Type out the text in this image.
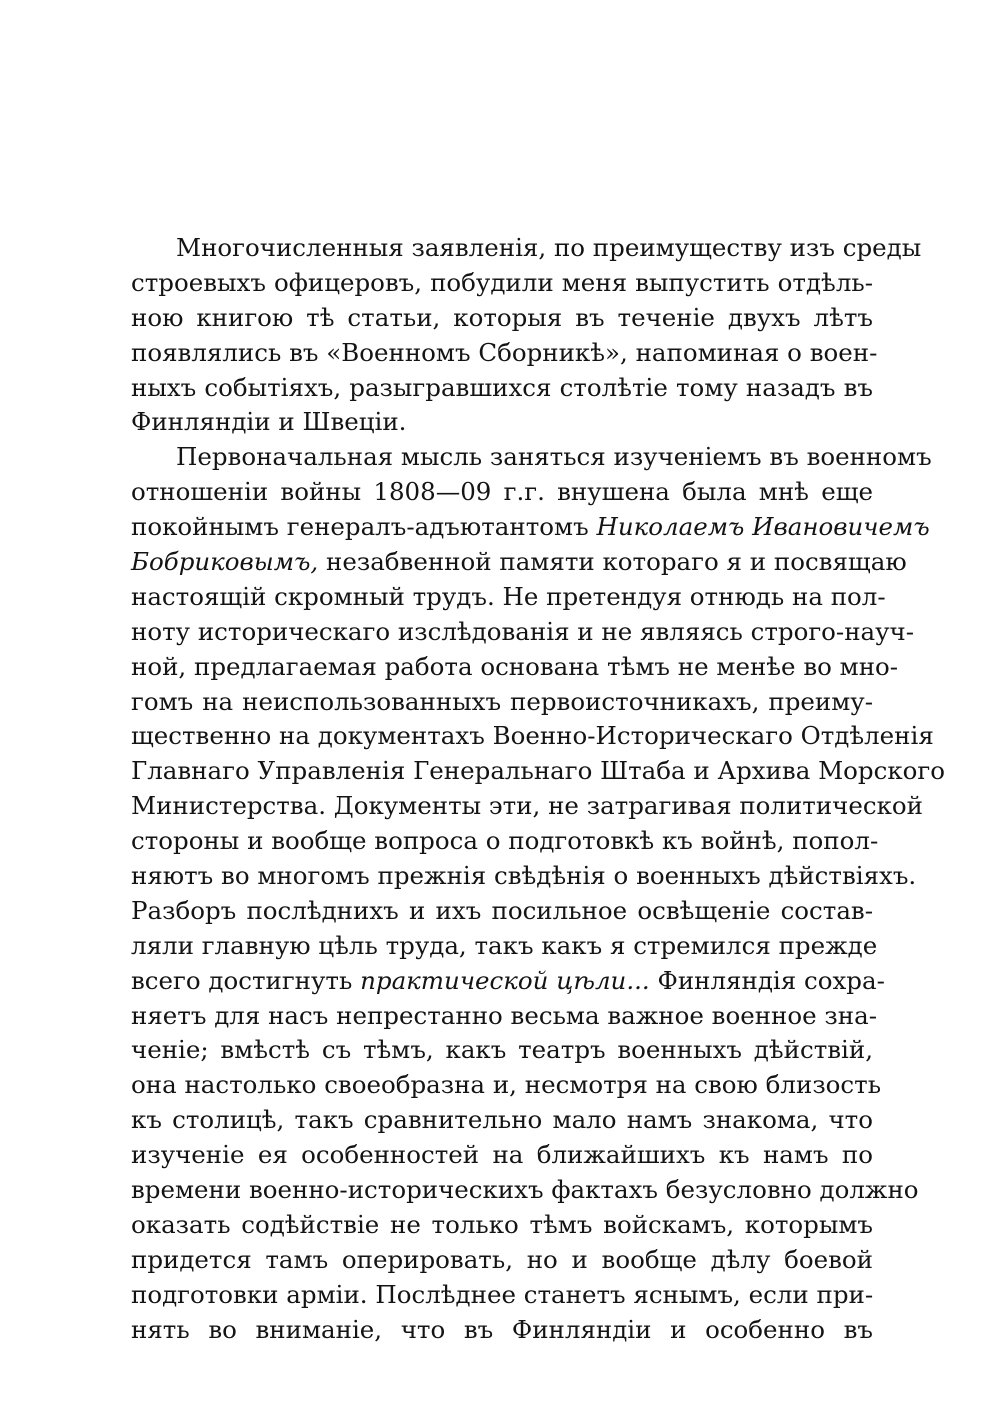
Многочисленныя заявленія, по преимуществу изъ среды
строевыхъ офицеровъ, побудили меня выпустить отдѣль-
ною книгою тѣ статьи, которыя въ теченіе двухъ лѣтъ
появлялись въ «Военномъ Сборникѣ», напоминая о воен-
ныхъ событіяхъ, разыгравшихся столѣтіе тому назадъ въ
Финляндіи и Швеціи.
Первоначальная мысль заняться изученіемъ въ военномъ
отношеніи войны 1808—09 г.г. внушена была мнѣ еще
покойнымъ генералъ-адъютантомъ Николаемъ Ивановичемъ
Бобриковымъ, незабвенной памяти котораго я и посвящаю
настоящій скромный трудъ. Не претендуя отнюдь на пол-
ноту историческаго изслѣдованія и не являясь строго-науч-
ной, предлагаемая работа основана тѣмъ не менѣе во мно-
гомъ на неиспользованныхъ первоисточникахъ, преиму-
щественно на документахъ Военно-Историческаго Отдѣленія
Главнаго Управленія Генеральнаго Штаба и Архива Морского
Министерства. Документы эти, не затрагивая политической
стороны и вообще вопроса о подготовкѣ къ войнѣ, попол-
няютъ во многомъ прежнія свѣдѣнія о военныхъ дѣйствіяхъ.
Разборъ послѣднихъ и ихъ посильное освѣщеніе состав-
ляли главную цѣль труда, такъ какъ я стремился прежде
всего достигнуть практической цѣли... Финляндія сохра-
няетъ для насъ непрестанно весьма важное военное зна-
ченіе; вмѣстѣ съ тѣмъ, какъ театръ военныхъ дѣйствій,
она настолько своеобразна и, несмотря на свою близость
къ столицѣ, такъ сравнительно мало намъ знакома, что
изученіе ея особенностей на ближайшихъ къ намъ по
времени военно-историческихъ фактахъ безусловно должно
оказать содѣйствіе не только тѣмъ войскамъ, которымъ
придется тамъ оперировать, но и вообще дѣлу боевой
подготовки арміи. Послѣднее станетъ яснымъ, если при-
нять во вниманіе, что въ Финляндіи и особенно въ
